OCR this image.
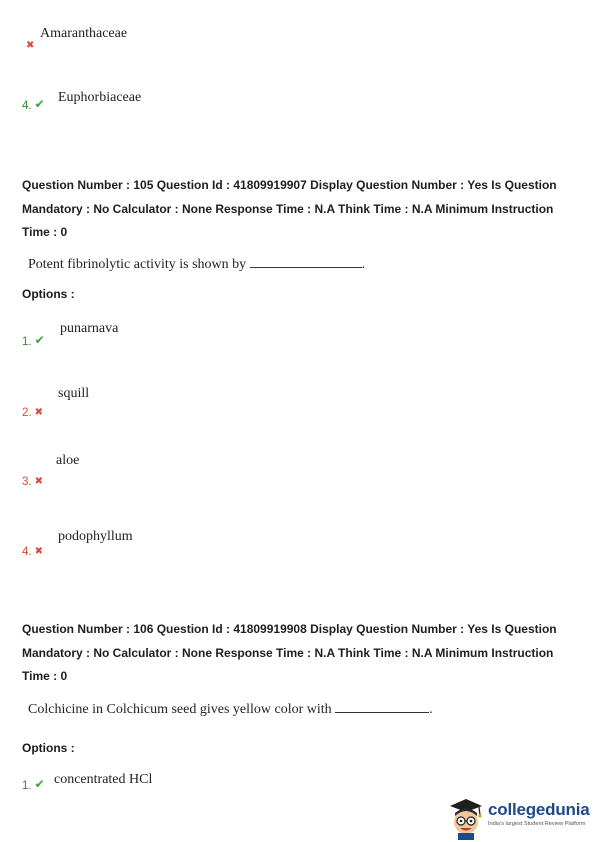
✖
Amaranthaceae
4. ✔ Euphorbiaceae
Question Number : 105 Question Id : 41809919907 Display Question Number : Yes Is Question
Mandatory : No Calculator : None Response Time : N.A Think Time : N.A Minimum Instruction
Time : 0
Potent fibrinolytic activity is shown by	.
Options :
1. ✔
punarnava
2. ✖
squill
3. ✖
aloe
4. ✖
podophyllum
Question Number : 106 Question Id : 41809919908 Display Question Number : Yes Is Question
Mandatory : No Calculator : None Response Time : N.A Think Time : N.A Minimum Instruction
Time : 0
Colchicine in Colchicum seed gives yellow color with	.
Options :
1. ✔ concentrated HCl
collegedunia
India's largest Student Review Platform
